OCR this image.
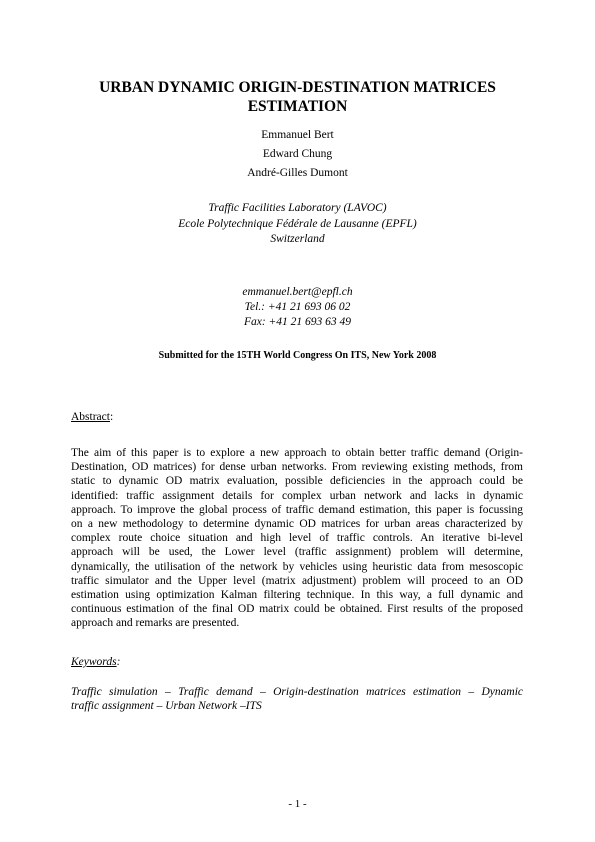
URBAN DYNAMIC ORIGIN-DESTINATION MATRICES
ESTIMATION
Emmanuel Bert
Edward Chung
André-Gilles Dumont
Traffic Facilities Laboratory (LAVOC)
Ecole Polytechnique Fédérale de Lausanne (EPFL)
Switzerland
emmanuel.bert@epfl.ch
Tel.: +41 21 693 06 02
Fax: +41 21 693 63 49
Submitted for the 15TH World Congress On ITS, New York 2008
Abstract:
The aim of this paper is to explore a new approach to obtain better traffic demand (Origin-
Destination, OD matrices) for dense urban networks. From reviewing existing methods, from
static to dynamic OD matrix evaluation, possible deficiencies in the approach could be
identified: traffic assignment details for complex urban network and lacks in dynamic
approach. To improve the global process of traffic demand estimation, this paper is focussing
on a new methodology to determine dynamic OD matrices for urban areas characterized by
complex route choice situation and high level of traffic controls. An iterative bi-level
approach will be used, the Lower level (traffic assignment) problem will determine,
dynamically, the utilisation of the network by vehicles using heuristic data from mesoscopic
traffic simulator and the Upper level (matrix adjustment) problem will proceed to an OD
estimation using optimization Kalman filtering technique. In this way, a full dynamic and
continuous estimation of the final OD matrix could be obtained. First results of the proposed
approach and remarks are presented.
Keywords:
Traffic simulation – Traffic demand – Origin-destination matrices estimation – Dynamic
traffic assignment – Urban Network –ITS
- 1 -
